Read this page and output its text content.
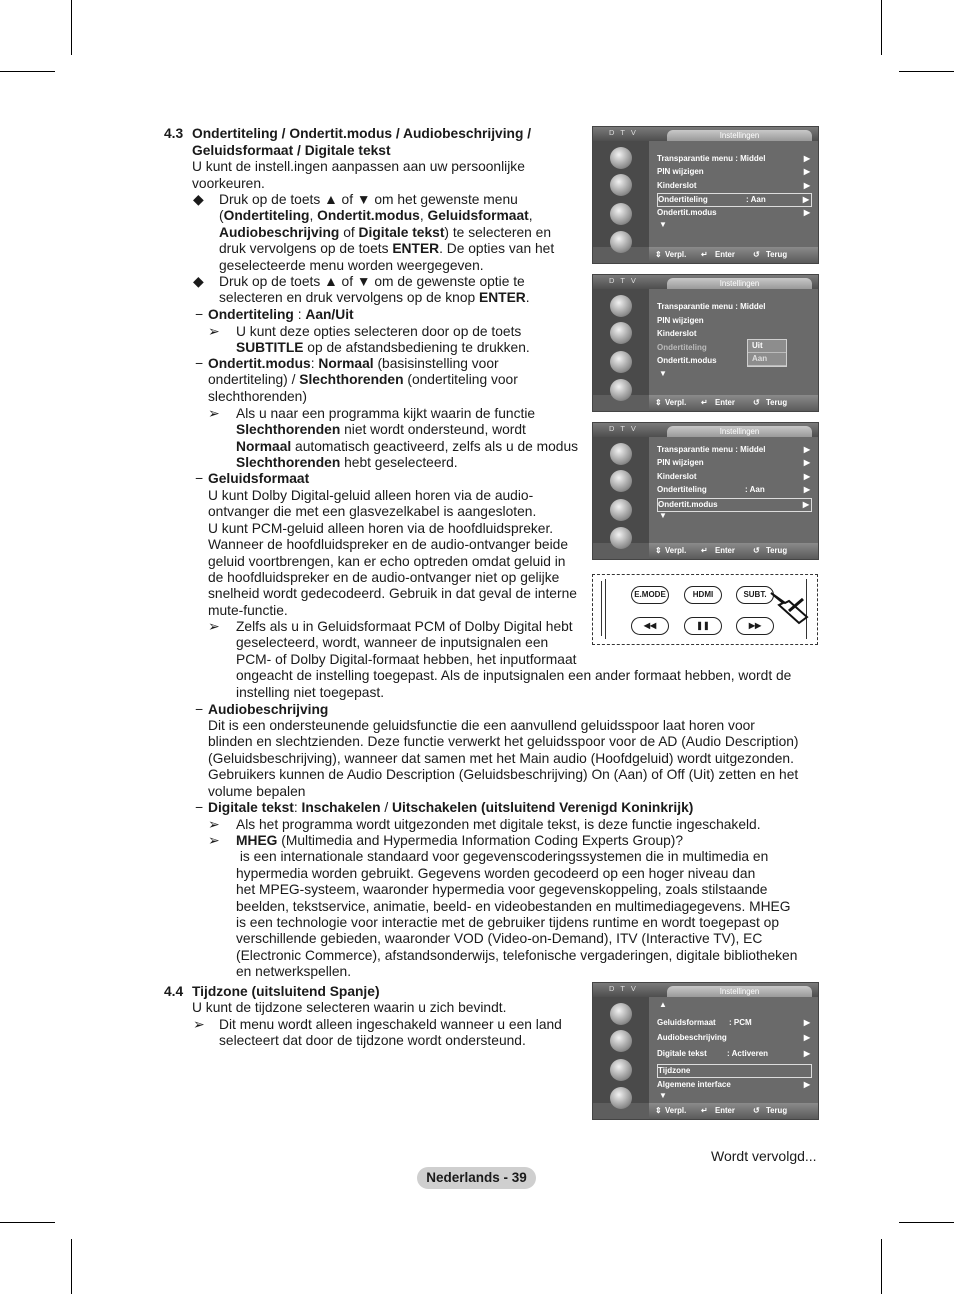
4.3 Ondertiteling / Ondertit.modus / Audiobeschrijving /
Geluidsformaat / Digitale tekst
U kunt de instell.ingen aanpassen aan uw persoonlijke
voorkeuren.
◆ Druk op de toets ▲ of ▼ om het gewenste menu

(Ondertiteling, Ondertit.modus, Geluidsformaat,

Audiobeschrijving of Digitale tekst) te selecteren en

druk vervolgens op de toets ENTER. De opties van het

geselecteerde menu worden weergegeven.

◆ Druk op de toets ▲ of ▼ om de gewenste optie te

selecteren en druk vervolgens op de knop ENTER.

− Ondertiteling : Aan/Uit
➢ U kunt deze opties selecteren door op de toets

SUBTITLE op de afstandsbediening te drukken.

− Ondertit.modus: Normaal (basisinstelling voor

ondertiteling) / Slechthorenden (ondertiteling voor

slechthorenden)

➢ Als u naar een programma kijkt waarin de functie

Slechthorenden niet wordt ondersteund, wordt

Normaal automatisch geactiveerd, zelfs als u de modus

Slechthorenden hebt geselecteerd.

− Geluidsformaat

U kunt Dolby Digital-geluid alleen horen via de audio-

ontvanger die met een glasvezelkabel is aangesloten.

U kunt PCM-geluid alleen horen via de hoofdluidspreker.

Wanneer de hoofdluidspreker en de audio-ontvanger beide

geluid voortbrengen, kan er echo optreden omdat geluid in

de hoofdluidspreker en de audio-ontvanger niet op gelijke

snelheid wordt gedecodeerd. Gebruik in dat geval de interne

mute-functie.

➢ Zelfs als u in Geluidsformaat PCM of Dolby Digital hebt

geselecteerd, wordt, wanneer de inputsignalen een

PCM- of Dolby Digital-formaat hebben, het inputformaat

ongeacht de instelling toegepast. Als de inputsignalen een ander formaat hebben, wordt de

instelling niet toegepast.

− Audiobeschrijving

Dit is een ondersteunende geluidsfunctie die een aanvullend geluidsspoor laat horen voor

blinden en slechtzienden. Deze functie verwerkt het geluidsspoor voor de AD (Audio Description)

(Geluidsbeschrijving), wanneer dat samen met het Main audio (Hoofdgeluid) wordt uitgezonden.

Gebruikers kunnen de Audio Description (Geluidsbeschrijving) On (Aan) of Off (Uit) zetten en het

volume bepalen

− Digitale tekst: Inschakelen / Uitschakelen (uitsluitend Verenigd Koninkrijk)
➢ Als het programma wordt uitgezonden met digitale tekst, is deze functie ingeschakeld.
➢ MHEG (Multimedia and Hypermedia Information Coding Experts Group)?

is een internationale standaard voor gegevenscoderingssystemen die in multimedia en

hypermedia worden gebruikt. Gegevens worden gecodeerd op een hoger niveau dan

het MPEG-systeem, waaronder hypermedia voor gegevenskoppeling, zoals stilstaande

beelden, tekstservice, animatie, beeld- en videobestanden en multimediagegevens. MHEG

is een technologie voor interactie met de gebruiker tijdens runtime en wordt toegepast op

verschillende gebieden, waaronder VOD (Video-on-Demand), ITV (Interactive TV), EC

(Electronic Commerce), afstandsonderwijs, telefonische vergaderingen, digitale bibliotheken

en netwerkspellen.

4.4 Tijdzone (uitsluitend Spanje)
U kunt de tijdzone selecteren waarin u zich bevindt.
➢ Dit menu wordt alleen ingeschakeld wanneer u een land

selecteert dat door de tijdzone wordt ondersteund.

D T V	Instellingen
Transparantie menu : Middel	▶
PIN wijzigen	▶
Kinderslot	▶
Ondertiteling	: Aan	▶
Ondertit.modus	▶
▼
⇕ Verpl. ↵ Enter ↺ Terug
D T V	Instellingen
Transparantie menu : Middel
PIN wijzigen
Kinderslot
Ondertiteling
Ondertit.modus
▼
Uit
Aan
⇕ Verpl. ↵ Enter ↺ Terug
D T V	Instellingen
Transparantie menu : Middel	▶
PIN wijzigen	▶
Kinderslot	▶
Ondertiteling	: Aan	▶
Ondertit.modus	▶
▼
⇕ Verpl. ↵ Enter ↺ Terug
E.MODE	HDMI	SUBT.
◀◀	❚❚	▶▶
D T V	Instellingen
▲
Geluidsformaat : PCM	▶
Audiobeschrijving	▶
Digitale tekst	: Activeren	▶
Tijdzone
Algemene interface	▶
▼
⇕ Verpl. ↵ Enter ↺ Terug
Wordt vervolgd...
Nederlands - 39
